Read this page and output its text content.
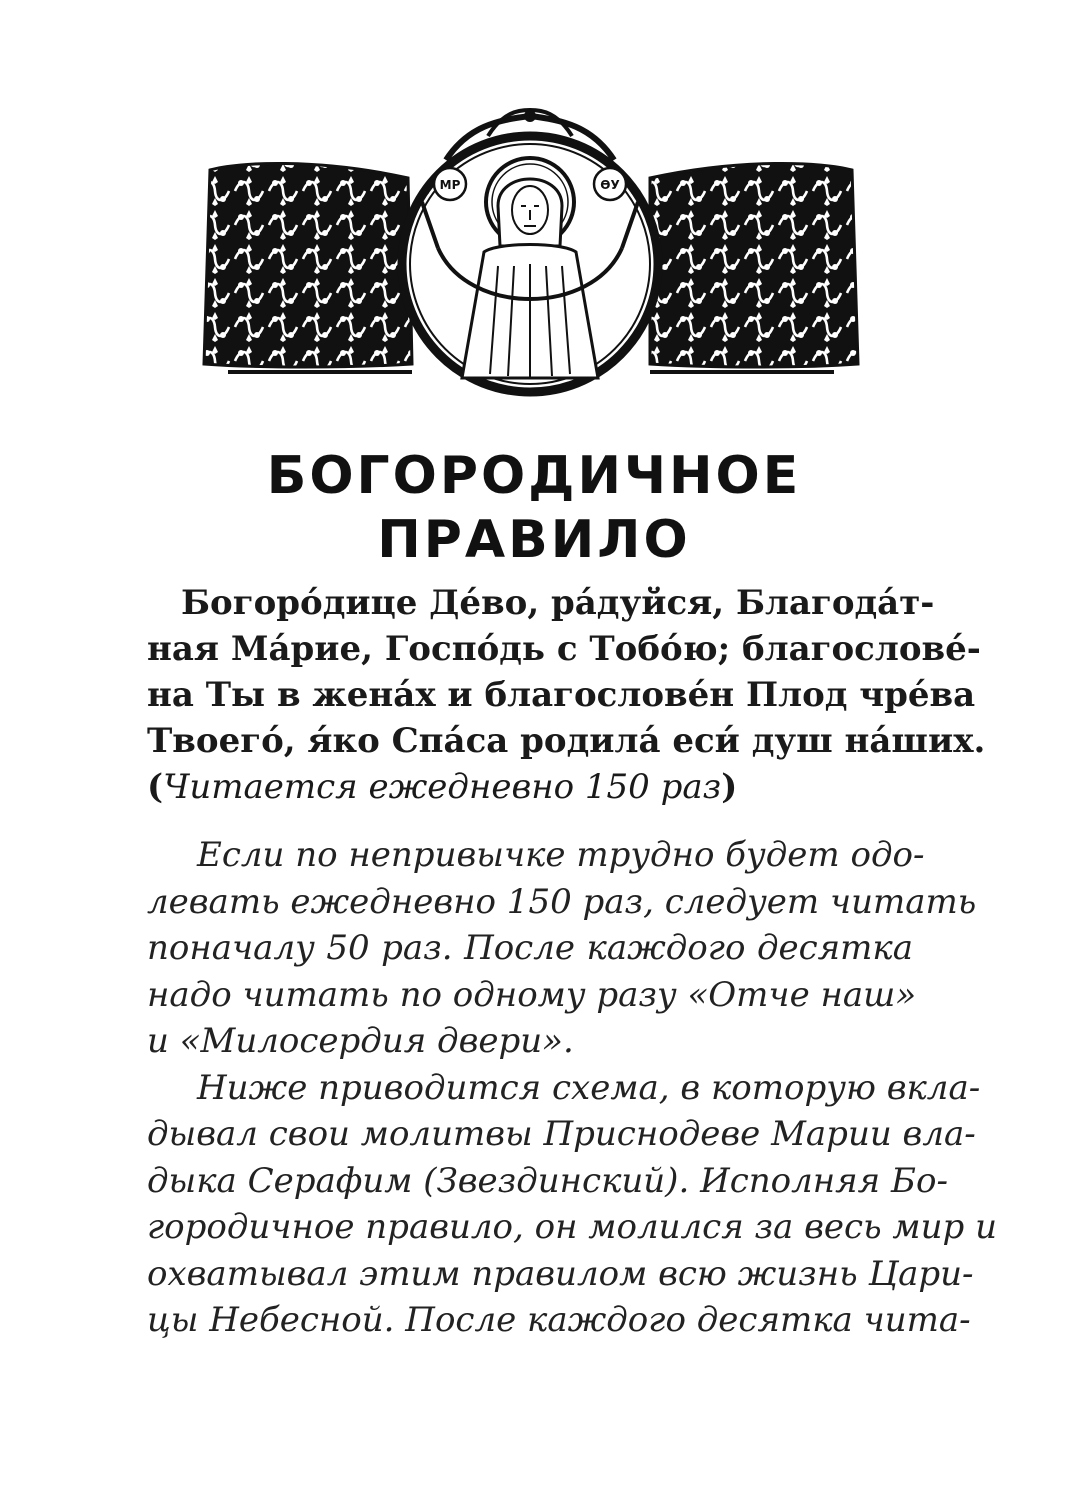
МР	ѲУ
БОГОРОДИЧНОЕ
ПРАВИЛО
Богоро́дице Де́во, ра́дуйся, Благода́т-
ная Ма́рие, Госпо́дь с Тобо́ю; благослове́-
на Ты в жена́х и благослове́н Плод чре́ва
Твоего́, я́ко Спа́са родила́ еси́ душ на́ших.
(Читается ежедневно 150 раз)
Если по непривычке трудно будет одо-
левать ежедневно 150 раз, следует читать
поначалу 50 раз. После каждого десятка
надо читать по одному разу «Отче наш»
и «Милосердия двери».
Ниже приводится схема, в которую вкла-
дывал свои молитвы Приснодеве Марии вла-
дыка Серафим (Звездинский). Исполняя Бо-
городичное правило, он молился за весь мир и
охватывал этим правилом всю жизнь Цари-
цы Небесной. После каждого десятка чита-
